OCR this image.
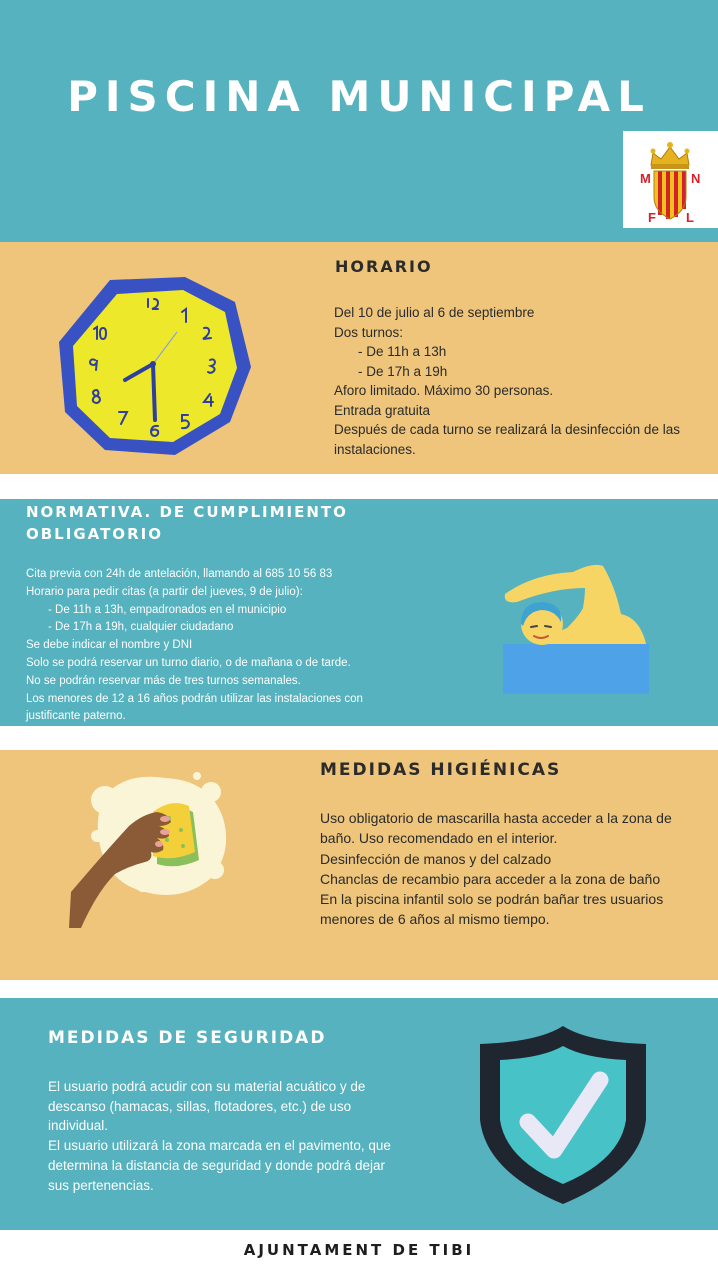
PISCINA MUNICIPAL
M	N
F L
HORARIO
Del 10 de julio al 6 de septiembre
Dos turnos:
- De 11h a 13h
- De 17h a 19h
Aforo limitado. Máximo 30 personas.
Entrada gratuita
Después de cada turno se realizará la desinfección de las
instalaciones.
NORMATIVA. DE CUMPLIMIENTO
OBLIGATORIO
Cita previa con 24h de antelación, llamando al 685 10 56 83
Horario para pedir citas (a partir del jueves, 9 de julio):
- De 11h a 13h, empadronados en el municipio
- De 17h a 19h, cualquier ciudadano
Se debe indicar el nombre y DNI
Solo se podrá reservar un turno diario, o de mañana o de tarde.
No se podrán reservar más de tres turnos semanales.
Los menores de 12 a 16 años podrán utilizar las instalaciones con
justificante paterno.
MEDIDAS HIGIÉNICAS
Uso obligatorio de mascarilla hasta acceder a la zona de
baño. Uso recomendado en el interior.
Desinfección de manos y del calzado
Chanclas de recambio para acceder a la zona de baño
En la piscina infantil solo se podrán bañar tres usuarios
menores de 6 años al mismo tiempo.
MEDIDAS DE SEGURIDAD
El usuario podrá acudir con su material acuático y de
descanso (hamacas, sillas, flotadores, etc.) de uso
individual.
El usuario utilizará la zona marcada en el pavimento, que
determina la distancia de seguridad y donde podrá dejar
sus pertenencias.
AJUNTAMENT DE TIBI
